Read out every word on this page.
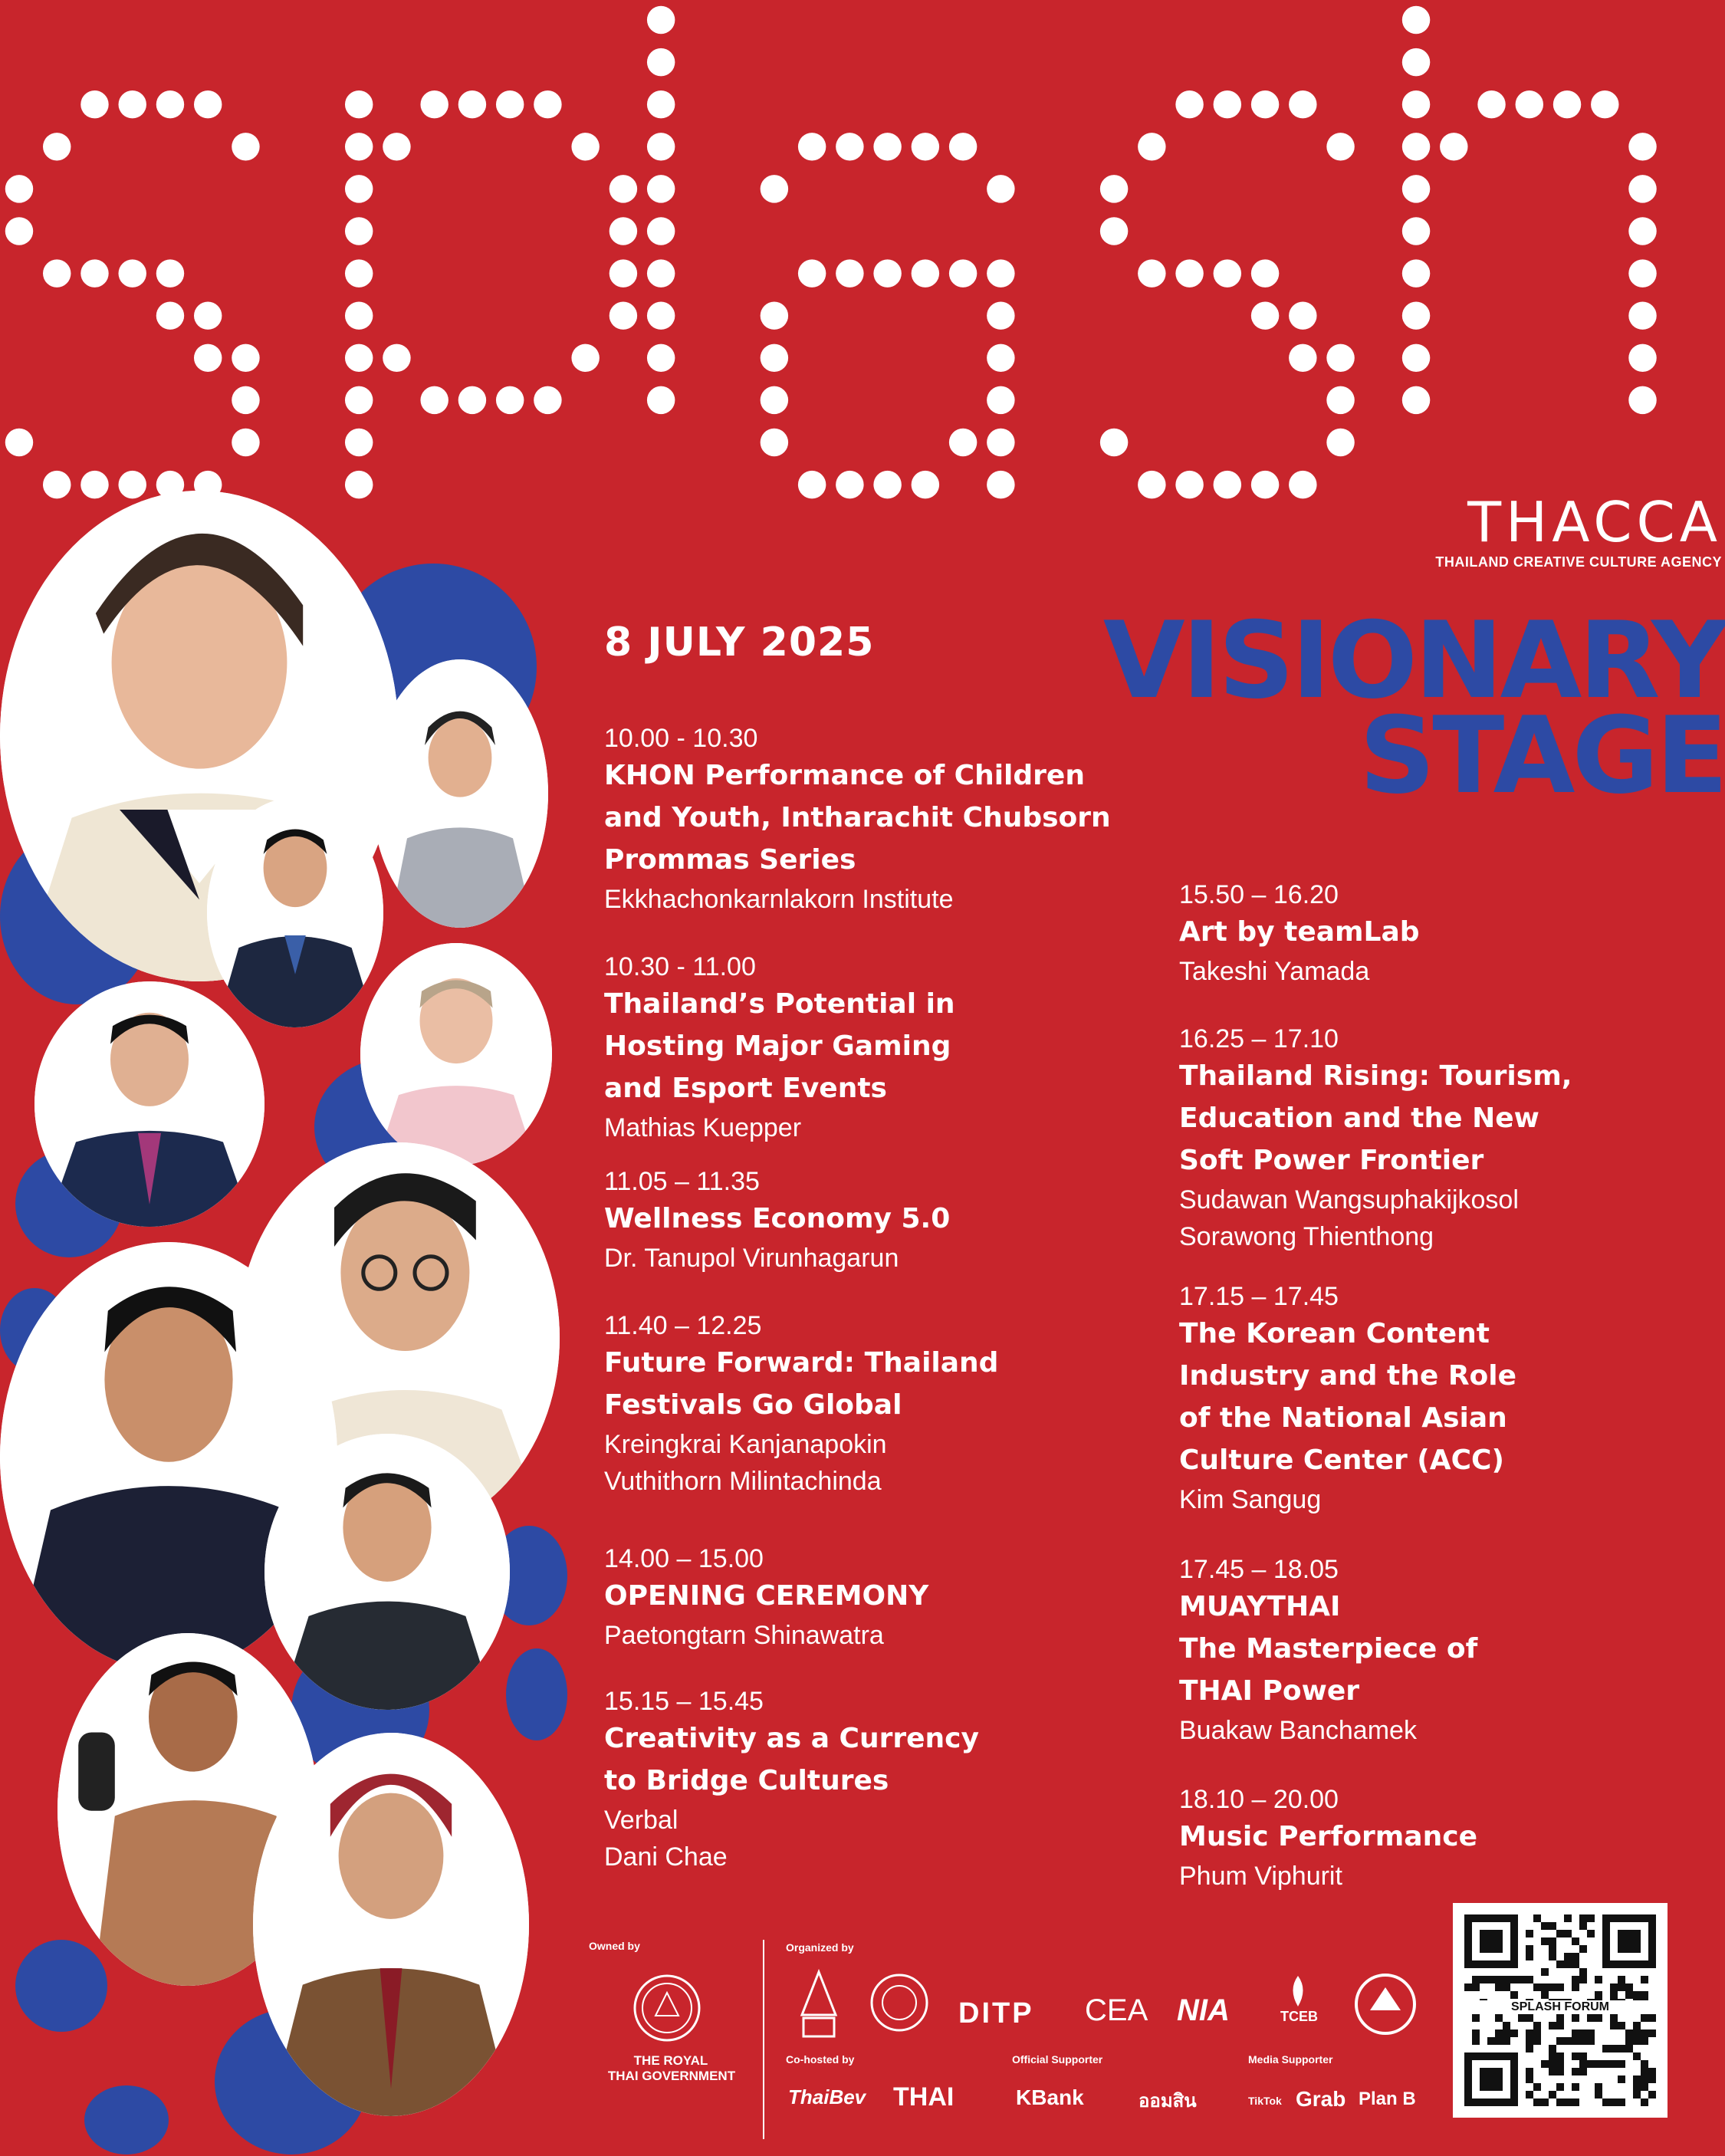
THACCA
THAILAND CREATIVE CULTURE AGENCY
8 JULY 2025	VISIONARY
STAGE
10.00 - 10.30
KHON Performance of Children
and Youth, Intharachit Chubsorn
Prommas Series
Ekkhachonkarnlakorn Institute
10.30 - 11.00
Thailand’s Potential in
Hosting Major Gaming
and Esport Events
Mathias Kuepper
11.05 – 11.35
Wellness Economy 5.0
Dr. Tanupol Virunhagarun
11.40 – 12.25
Future Forward: Thailand
Festivals Go Global
Kreingkrai Kanjanapokin
Vuthithorn Milintachinda
14.00 – 15.00
OPENING CEREMONY
Paetongtarn Shinawatra
15.15 – 15.45
Creativity as a Currency
to Bridge Cultures
Verbal
Dani Chae
15.50 – 16.20
Art by teamLab
Takeshi Yamada
16.25 – 17.10
Thailand Rising: Tourism,
Education and the New
Soft Power Frontier
Sudawan Wangsuphakijkosol
Sorawong Thienthong
17.15 – 17.45
The Korean Content
Industry and the Role
of the National Asian
Culture Center (ACC)
Kim Sangug
17.45 – 18.05
MUAYTHAI
The Masterpiece of
THAI Power
Buakaw Banchamek
18.10 – 20.00
Music Performance
Phum Viphurit
Owned by
THE ROYAL
THAI GOVERNMENT
Organized by
DITP CEA NIA	TCEB
Co-hosted by
ThaiBev THAI
Official Supporter
KBank	ออมสิน
Media Supporter
TikTok Grab Plan B
SPLASH FORUM
